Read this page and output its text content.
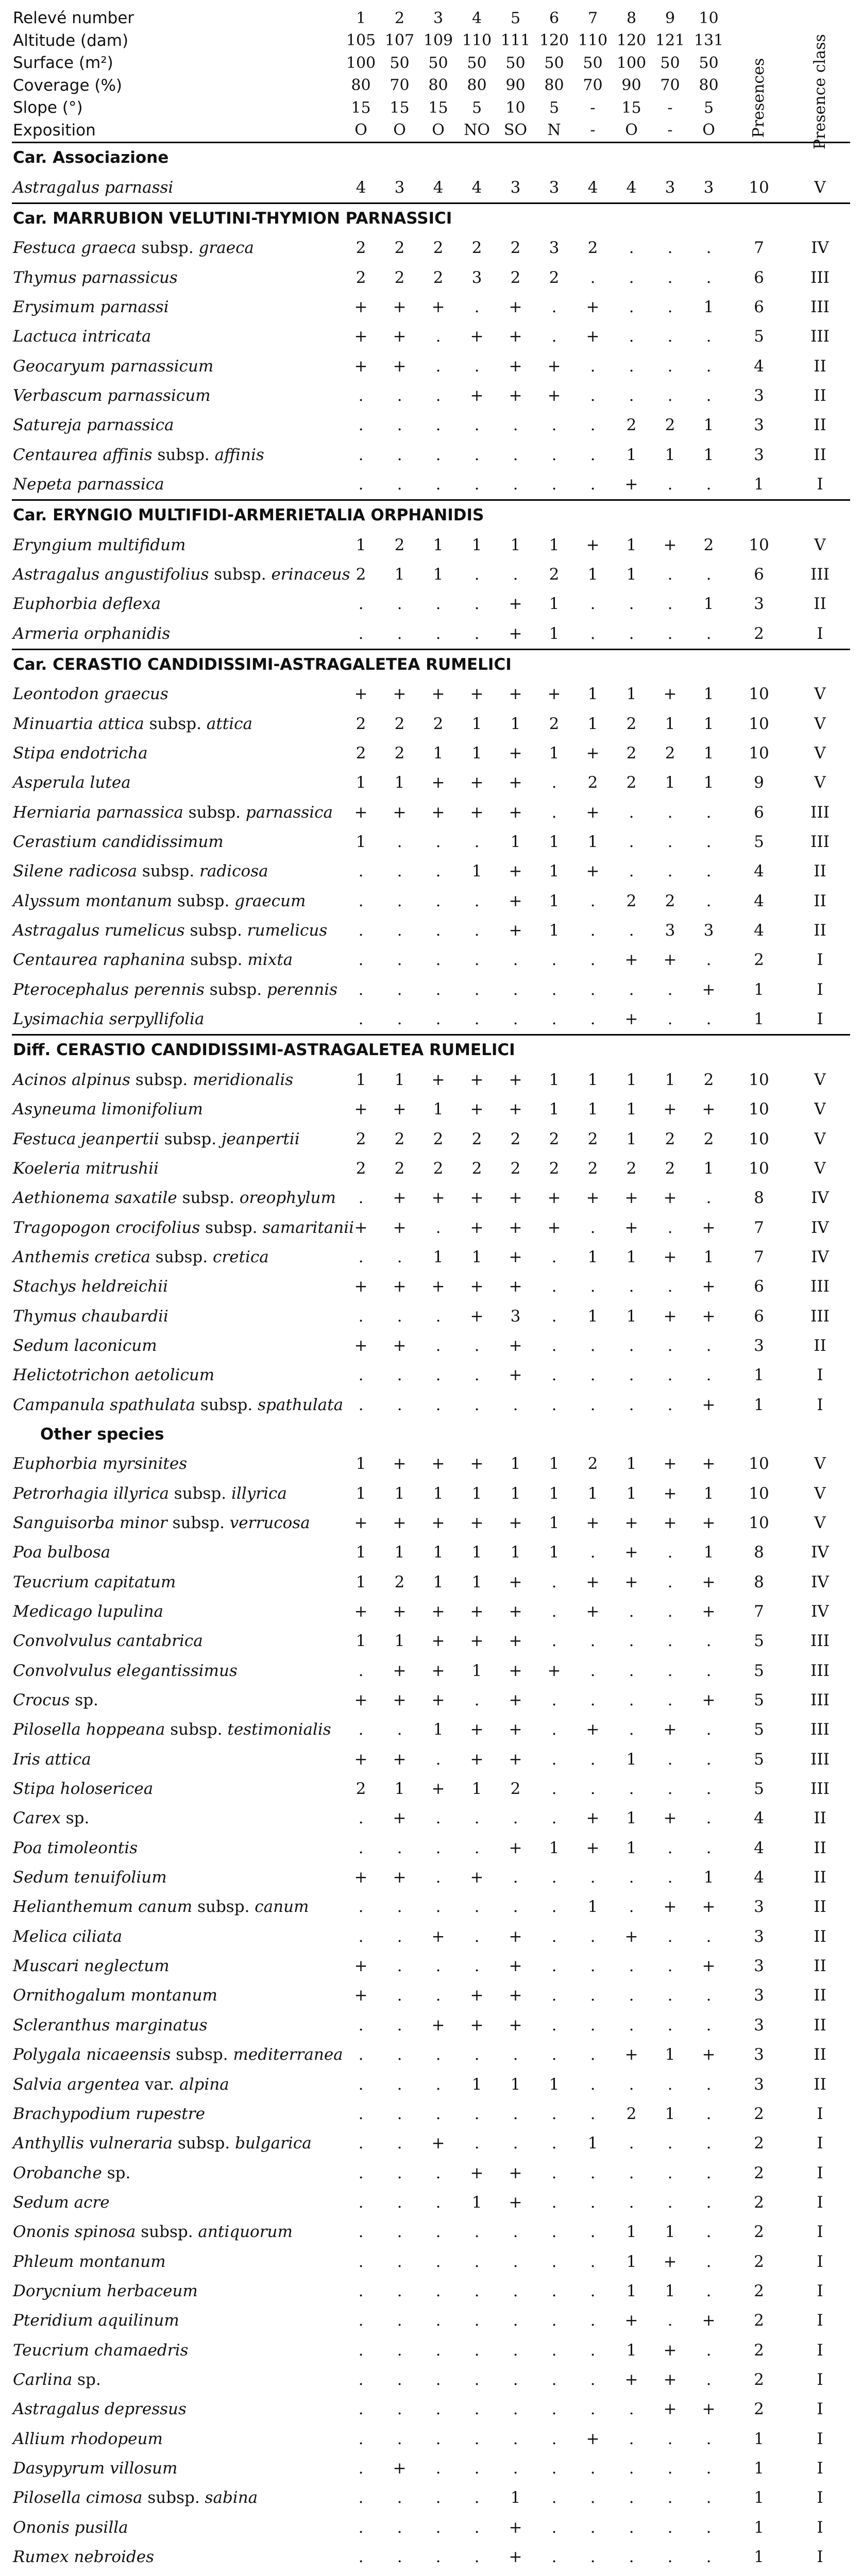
Relevé number	1	2	3	4	5	6	7	8	9	10	Presences	Presence class

Altitude (dam)	105	107	109	110	111	120	110	120	121	131		
Surface (m²)	100	50	50	50	50	50	50	100	50	50		
Coverage (%)	80	70	80	80	90	80	70	90	70	80		
Slope (°)	15	15	15	5	10	5	-	15	-	5		
Exposition	O	O	O	NO	SO	N	-	O	-	O		
Car. Associazione												
Astragalus parnassi	4	3	4	4	3	3	4	4	3	3	10	V
Car. MARRUBION VELUTINI-THYMION PARNASSICI												
Festuca graeca subsp. graeca	2	2	2	2	2	3	2	.	.	.	7	IV
Thymus parnassicus	2	2	2	3	2	2	.	.	.	.	6	III
Erysimum parnassi	+	+	+	.	+	.	+	.	.	1	6	III
Lactuca intricata	+	+	.	+	+	.	+	.	.	.	5	III
Geocaryum parnassicum	+	+	.	.	+	+	.	.	.	.	4	II
Verbascum parnassicum	.	.	.	+	+	+	.	.	.	.	3	II
Satureja parnassica	.	.	.	.	.	.	.	2	2	1	3	II
Centaurea affinis subsp. affinis	.	.	.	.	.	.	.	1	1	1	3	II
Nepeta parnassica	.	.	.	.	.	.	.	+	.	.	1	I
Car. ERYNGIO MULTIFIDI-ARMERIETALIA ORPHANIDIS												
Eryngium multifidum	1	2	1	1	1	1	+	1	+	2	10	V
Astragalus angustifolius subsp. erinaceus	2	1	1	.	.	2	1	1	.	.	6	III
Euphorbia deflexa	.	.	.	.	+	1	.	.	.	1	3	II
Armeria orphanidis	.	.	.	.	+	1	.	.	.	.	2	I
Car. CERASTIO CANDIDISSIMI-ASTRAGALETEA RUMELICI												
Leontodon graecus	+	+	+	+	+	+	1	1	+	1	10	V
Minuartia attica subsp. attica	2	2	2	1	1	2	1	2	1	1	10	V
Stipa endotricha	2	2	1	1	+	1	+	2	2	1	10	V
Asperula lutea	1	1	+	+	+	.	2	2	1	1	9	V
Herniaria parnassica subsp. parnassica	+	+	+	+	+	.	+	.	.	.	6	III
Cerastium candidissimum	1	.	.	.	1	1	1	.	.	.	5	III
Silene radicosa subsp. radicosa	.	.	.	1	+	1	+	.	.	.	4	II
Alyssum montanum subsp. graecum	.	.	.	.	+	1	.	2	2	.	4	II
Astragalus rumelicus subsp. rumelicus	.	.	.	.	+	1	.	.	3	3	4	II
Centaurea raphanina subsp. mixta	.	.	.	.	.	.	.	+	+	.	2	I
Pterocephalus perennis subsp. perennis	.	.	.	.	.	.	.	.	.	+	1	I
Lysimachia serpyllifolia	.	.	.	.	.	.	.	+	.	.	1	I
Diff. CERASTIO CANDIDISSIMI-ASTRAGALETEA RUMELICI												
Acinos alpinus subsp. meridionalis	1	1	+	+	+	1	1	1	1	2	10	V
Asyneuma limonifolium	+	+	1	+	+	1	1	1	+	+	10	V
Festuca jeanpertii subsp. jeanpertii	2	2	2	2	2	2	2	1	2	2	10	V
Koeleria mitrushii	2	2	2	2	2	2	2	2	2	1	10	V
Aethionema saxatile subsp. oreophylum	.	+	+	+	+	+	+	+	+	.	8	IV
Tragopogon crocifolius subsp. samaritanii	+	+	.	+	+	+	.	+	.	+	7	IV
Anthemis cretica subsp. cretica	.	.	1	1	+	.	1	1	+	1	7	IV
Stachys heldreichii	+	+	+	+	+	.	.	.	.	+	6	III
Thymus chaubardii	.	.	.	+	3	.	1	1	+	+	6	III
Sedum laconicum	+	+	.	.	+	.	.	.	.	.	3	II
Helictotrichon aetolicum	.	.	.	.	+	.	.	.	.	.	1	I
Campanula spathulata subsp. spathulata	.	.	.	.	.	.	.	.	.	+	1	I
Other species												
Euphorbia myrsinites	1	+	+	+	1	1	2	1	+	+	10	V
Petrorhagia illyrica subsp. illyrica	1	1	1	1	1	1	1	1	+	1	10	V
Sanguisorba minor subsp. verrucosa	+	+	+	+	+	1	+	+	+	+	10	V
Poa bulbosa	1	1	1	1	1	1	.	+	.	1	8	IV
Teucrium capitatum	1	2	1	1	+	.	+	+	.	+	8	IV
Medicago lupulina	+	+	+	+	+	.	+	.	.	+	7	IV
Convolvulus cantabrica	1	1	+	+	+	.	.	.	.	.	5	III
Convolvulus elegantissimus	.	+	+	1	+	+	.	.	.	.	5	III
Crocus sp.	+	+	+	.	+	.	.	.	.	+	5	III
Pilosella hoppeana subsp. testimonialis	.	.	1	+	+	.	+	.	+	.	5	III
Iris attica	+	+	.	+	+	.	.	1	.	.	5	III
Stipa holosericea	2	1	+	1	2	.	.	.	.	.	5	III
Carex sp.	.	+	.	.	.	.	+	1	+	.	4	II
Poa timoleontis	.	.	.	.	+	1	+	1	.	.	4	II
Sedum tenuifolium	+	+	.	+	.	.	.	.	.	1	4	II
Helianthemum canum subsp. canum	.	.	.	.	.	.	1	.	+	+	3	II
Melica ciliata	.	.	+	.	+	.	.	+	.	.	3	II
Muscari neglectum	+	.	.	.	+	.	.	.	.	+	3	II
Ornithogalum montanum	+	.	.	+	+	.	.	.	.	.	3	II
Scleranthus marginatus	.	.	+	+	+	.	.	.	.	.	3	II
Polygala nicaeensis subsp. mediterranea	.	.	.	.	.	.	.	+	1	+	3	II
Salvia argentea var. alpina	.	.	.	1	1	1	.	.	.	.	3	II
Brachypodium rupestre	.	.	.	.	.	.	.	2	1	.	2	I
Anthyllis vulneraria subsp. bulgarica	.	.	+	.	.	.	1	.	.	.	2	I
Orobanche sp.	.	.	.	+	+	.	.	.	.	.	2	I
Sedum acre	.	.	.	1	+	.	.	.	.	.	2	I
Ononis spinosa subsp. antiquorum	.	.	.	.	.	.	.	1	1	.	2	I
Phleum montanum	.	.	.	.	.	.	.	1	+	.	2	I
Dorycnium herbaceum	.	.	.	.	.	.	.	1	1	.	2	I
Pteridium aquilinum	.	.	.	.	.	.	.	+	.	+	2	I
Teucrium chamaedris	.	.	.	.	.	.	.	1	+	.	2	I
Carlina sp.	.	.	.	.	.	.	.	+	+	.	2	I
Astragalus depressus	.	.	.	.	.	.	.	.	+	+	2	I
Allium rhodopeum	.	.	.	.	.	.	+	.	.	.	1	I
Dasypyrum villosum	.	+	.	.	.	.	.	.	.	.	1	I
Pilosella cimosa subsp. sabina	.	.	.	.	1	.	.	.	.	.	1	I
Ononis pusilla	.	.	.	.	+	.	.	.	.	.	1	I
Rumex nebroides	.	.	.	.	+	.	.	.	.	.	1	I
